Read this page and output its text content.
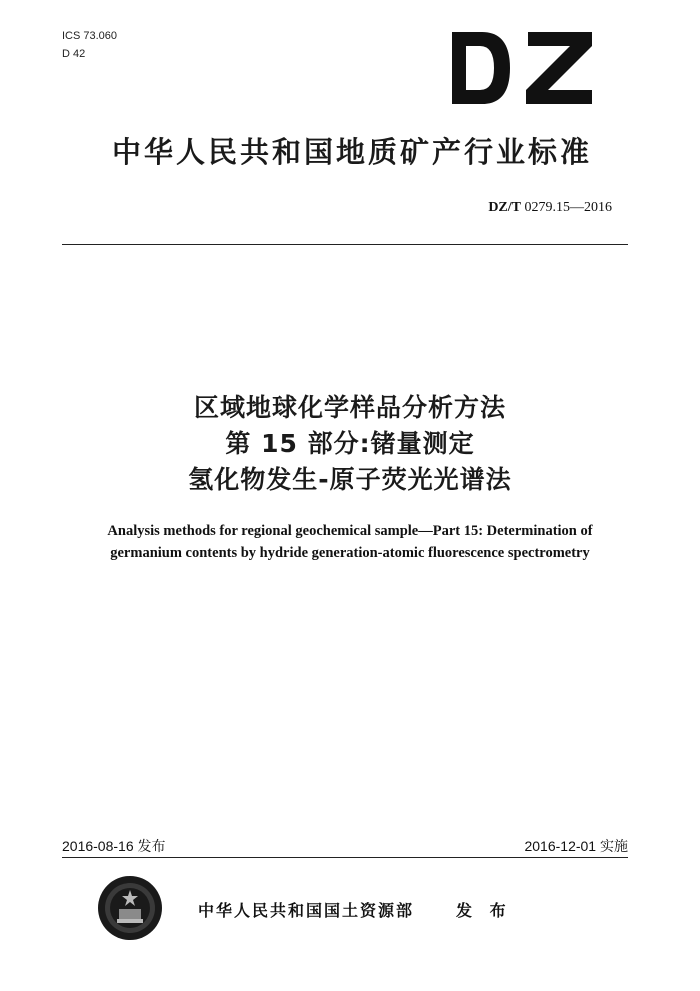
ICS 73.060
D 42
中华人民共和国地质矿产行业标准
DZ/T 0279.15—2016
区域地球化学样品分析方法
第 15 部分:锗量测定
氢化物发生-原子荧光光谱法
Analysis methods for regional geochemical sample—Part 15: Determination of
germanium contents by hydride generation-atomic fluorescence spectrometry
2016-08-16 发布	2016-12-01 实施
中华人民共和国国土资源部	发 布
